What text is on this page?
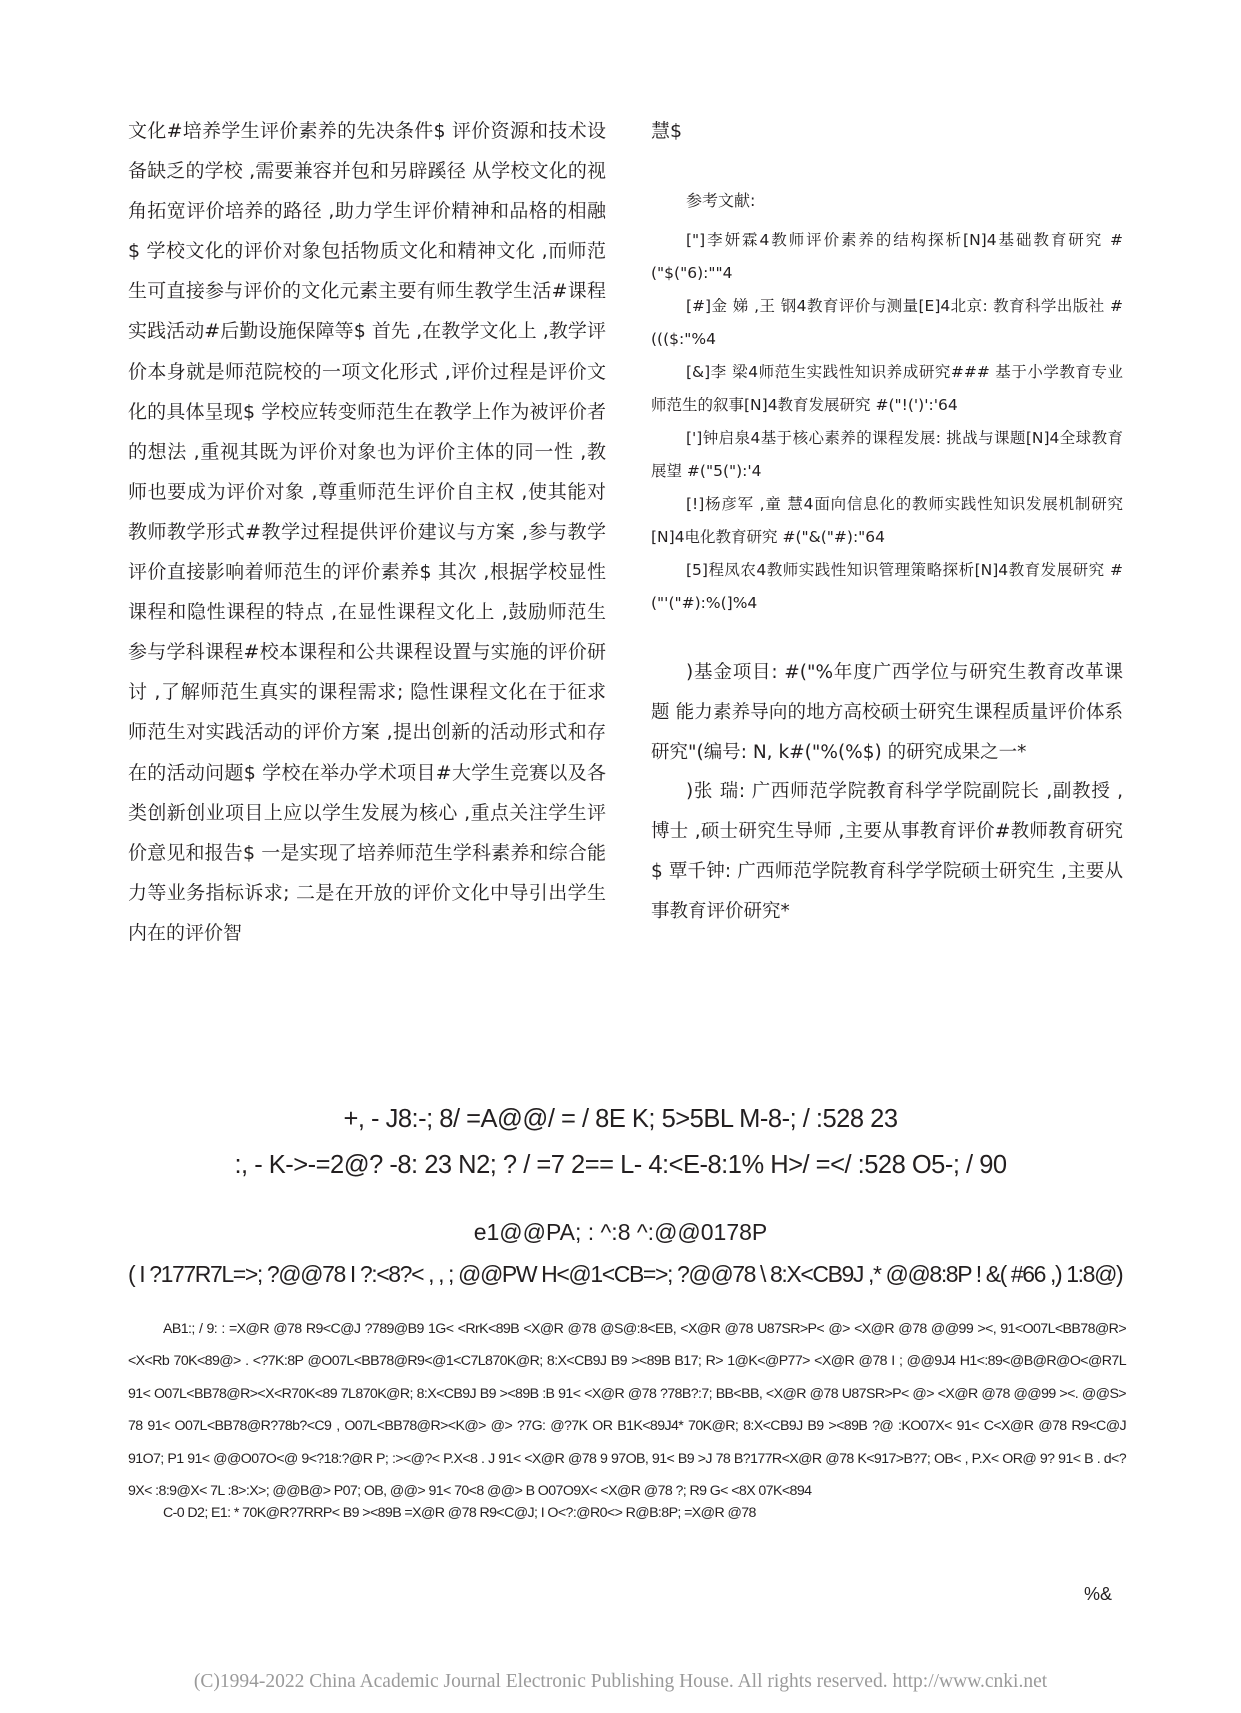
文化#培养学生评价素养的先决条件$ 评价资源和技术设备缺乏的学校 ,需要兼容并包和另辟蹊径 从学校文化的视角拓宽评价培养的路径 ,助力学生评价精神和品格的相融$ 学校文化的评价对象包括物质文化和精神文化 ,而师范生可直接参与评价的文化元素主要有师生教学生活#课程实践活动#后勤设施保障等$ 首先 ,在教学文化上 ,教学评价本身就是师范院校的一项文化形式 ,评价过程是评价文化的具体呈现$ 学校应转变师范生在教学上作为被评价者的想法 ,重视其既为评价对象也为评价主体的同一性 ,教师也要成为评价对象 ,尊重师范生评价自主权 ,使其能对教师教学形式#教学过程提供评价建议与方案 ,参与教学评价直接影响着师范生的评价素养$ 其次 ,根据学校显性课程和隐性课程的特点 ,在显性课程文化上 ,鼓励师范生参与学科课程#校本课程和公共课程设置与实施的评价研讨 ,了解师范生真实的课程需求; 隐性课程文化在于征求师范生对实践活动的评价方案 ,提出创新的活动形式和存在的活动问题$ 学校在举办学术项目#大学生竞赛以及各类创新创业项目上应以学生发展为核心 ,重点关注学生评价意见和报告$ 一是实现了培养师范生学科素养和综合能力等业务指标诉求; 二是在开放的评价文化中导引出学生内在的评价智

慧$

参考文献:

["]李妍霖4教师评价素养的结构探析[N]4基础教育研究 #("$("6):""4

[#]金 娣 ,王 钢4教育评价与测量[E]4北京: 教育科学出版社 #((($:"%4

[&]李 梁4师范生实践性知识养成研究### 基于小学教育专业师范生的叙事[N]4教育发展研究 #("!(')':'64

[']钟启泉4基于核心素养的课程发展: 挑战与课题[N]4全球教育展望 #("5("):'4

[!]杨彦军 ,童 慧4面向信息化的教师实践性知识发展机制研究[N]4电化教育研究 #("&("#):"64

[5]程凤农4教师实践性知识管理策略探析[N]4教育发展研究 #("'("#):%(]%4

)基金项目: #("%年度广西学位与研究生教育改革课题 能力素养导向的地方高校硕士研究生课程质量评价体系研究"(编号: N, k#("%(%$) 的研究成果之一*

)张 瑞: 广西师范学院教育科学学院副院长 ,副教授 ,博士 ,硕士研究生导师 ,主要从事教育评价#教师教育研究$ 覃千钟: 广西师范学院教育科学学院硕士研究生 ,主要从事教育评价研究*

+, - J8:-; 8/ =A@@/ = / 8E K; 5>5BL M-8-; / :528 23
:, - K->-=2@? -8: 23 N2; ? / =7 2== L- 4:<E-8:1% H>/ =</ :528 O5-; / 90
e1@@PA; : ^:8 ^:@@0178P
( I ?177R7L=>; ?@@78 I ?:<8?< , , ; @@PW H<@1<CB=>; ?@@78 \ 8:X<CB9J ,* @@8:8P ! &( #66 ,) 1:8@)
AB1:; / 9: : =X@R @78 R9<C@J ?789@B9 1G< <RrK<89B <X@R @78 @S@:8<EB, <X@R @78 U87SR>P< @> <X@R @78 @@99 ><, 91<O07L<BB78@R><X<Rb 70K<89@> . <?7K:8P @O07L<BB78@R9<@1<C7L870K@R; 8:X<CB9J B9 ><89B B17; R> 1@K<@P77> <X@R @78 I ; @@9J4 H1<:89<@B@R@O<@R7L 91< O07L<BB78@R><X<R70K<89 7L870K@R; 8:X<CB9J B9 ><89B :B 91< <X@R @78 ?78B?:7; BB<BB, <X@R @78 U87SR>P< @> <X@R @78 @@99 ><. @@S> 78 91< O07L<BB78@R?78b?<C9 , O07L<BB78@R><K@> @> ?7G: @?7K OR B1K<89J4* 70K@R; 8:X<CB9J B9 ><89B ?@ :KO07X< 91< C<X@R @78 R9<C@J 91O7; P1 91< @@O07O<@ 9<?18:?@R P; :><@?< P.X<8 . J 91< <X@R @78 9 97OB, 91< B9 >J 78 B?177R<X@R @78 K<917>B?7; OB< , P.X< OR@ 9? 91< B . d<?9X< :8:9@X< 7L :8>:X>; @@B@> P07; OB, @@> 91< 70<8 @@> B O07O9X< <X@R @78 ?; R9 G< <8X 07K<894
C-0 D2; E1: * 70K@R?7RRP< B9 ><89B =X@R @78 R9<C@J; I O<?:@R0<> R@B:8P; =X@R @78
%&
(C)1994-2022 China Academic Journal Electronic Publishing House. All rights reserved. http://www.cnki.net
